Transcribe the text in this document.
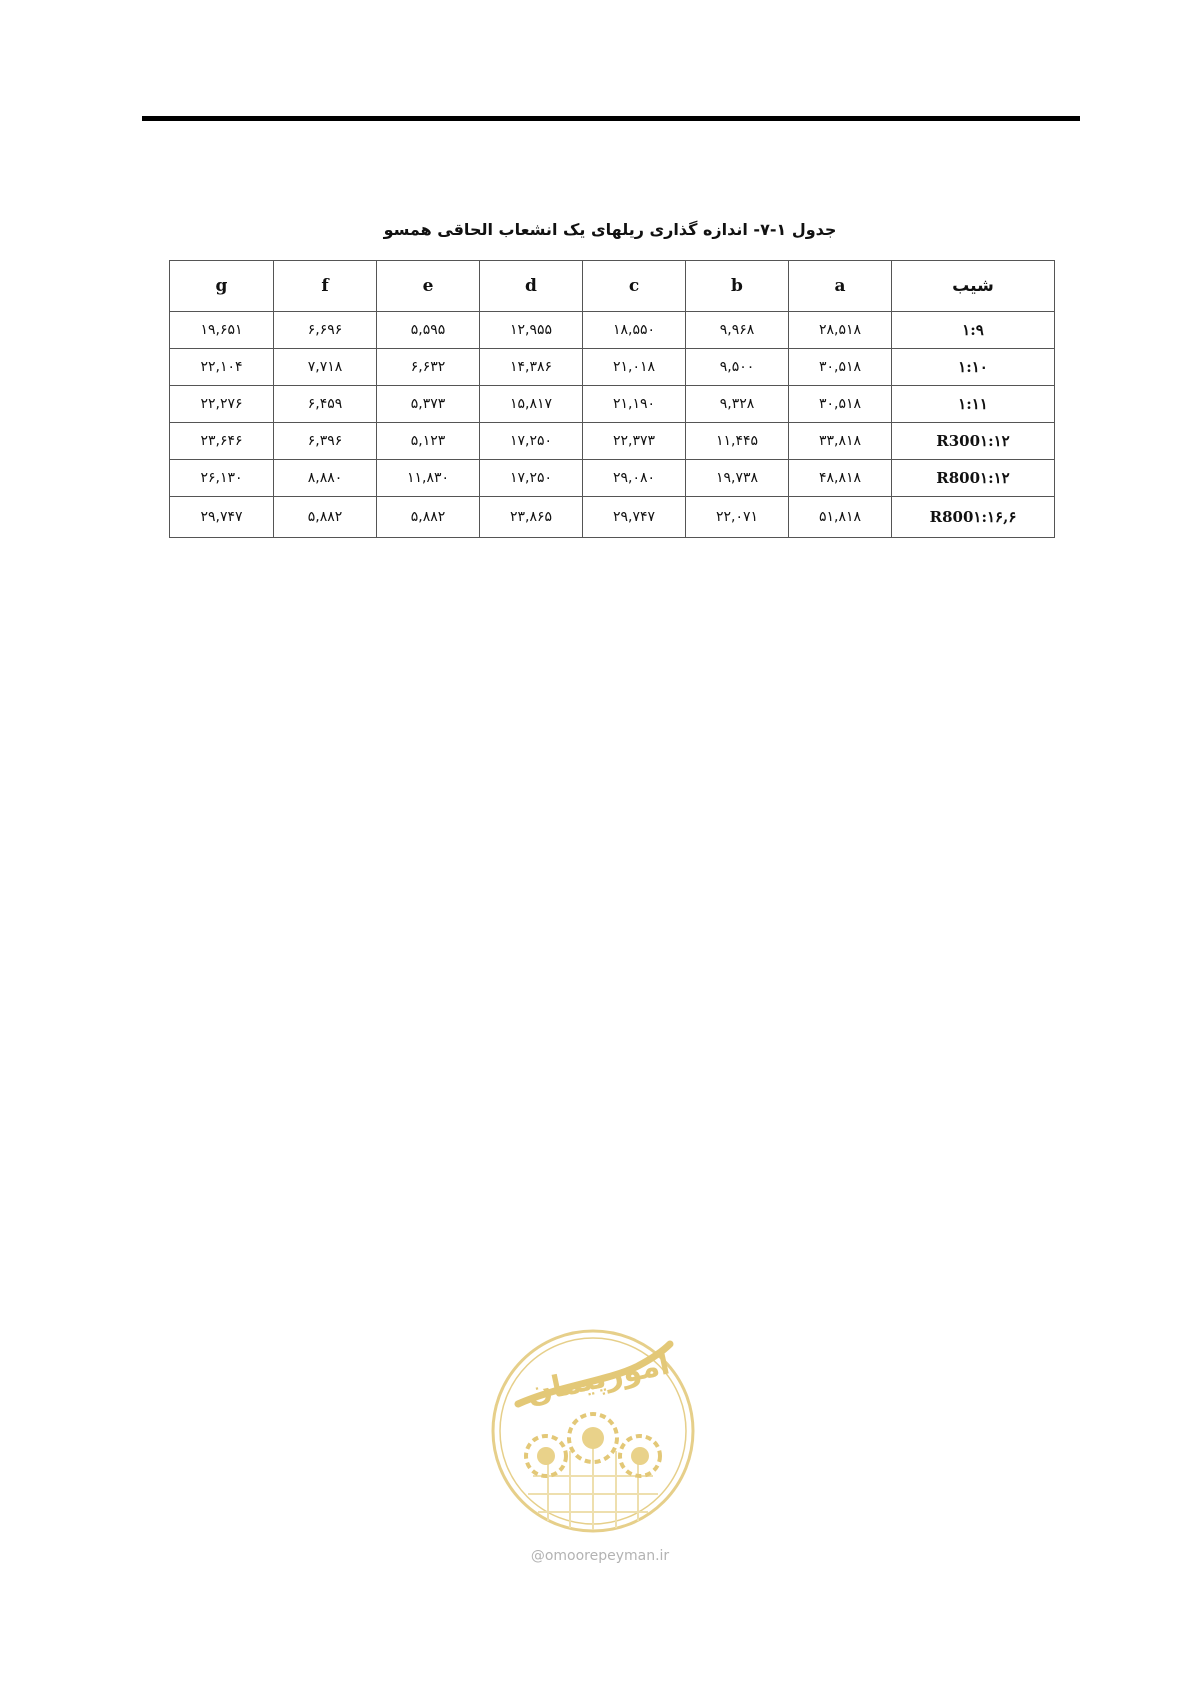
جدول ۱-۷- اندازه گذاری ریلهای یک انشعاب الحاقی همسو
شیب	a	b	c	d	e	f	g
۱:۹	۲۸,۵۱۸	۹,۹۶۸	۱۸,۵۵۰	۱۲,۹۵۵	۵,۵۹۵	۶,۶۹۶	۱۹,۶۵۱
۱:۱۰	۳۰,۵۱۸	۹,۵۰۰	۲۱,۰۱۸	۱۴,۳۸۶	۶,۶۳۲	۷,۷۱۸	۲۲,۱۰۴
۱:۱۱	۳۰,۵۱۸	۹,۳۲۸	۲۱,۱۹۰	۱۵,۸۱۷	۵,۳۷۳	۶,۴۵۹	۲۲,۲۷۶
R300۱:۱۲	۳۳,۸۱۸	۱۱,۴۴۵	۲۲,۳۷۳	۱۷,۲۵۰	۵,۱۲۳	۶,۳۹۶	۲۳,۶۴۶
R800۱:۱۲	۴۸,۸۱۸	۱۹,۷۳۸	۲۹,۰۸۰	۱۷,۲۵۰	۱۱,۸۳۰	۸,۸۸۰	۲۶,۱۳۰
R800۱:۱۶,۶	۵۱,۸۱۸	۲۲,۰۷۱	۲۹,۷۴۷	۲۳,۸۶۵	۵,۸۸۲	۵,۸۸۲	۲۹,۷۴۷
امورپیمان
@omoorepeyman.ir
